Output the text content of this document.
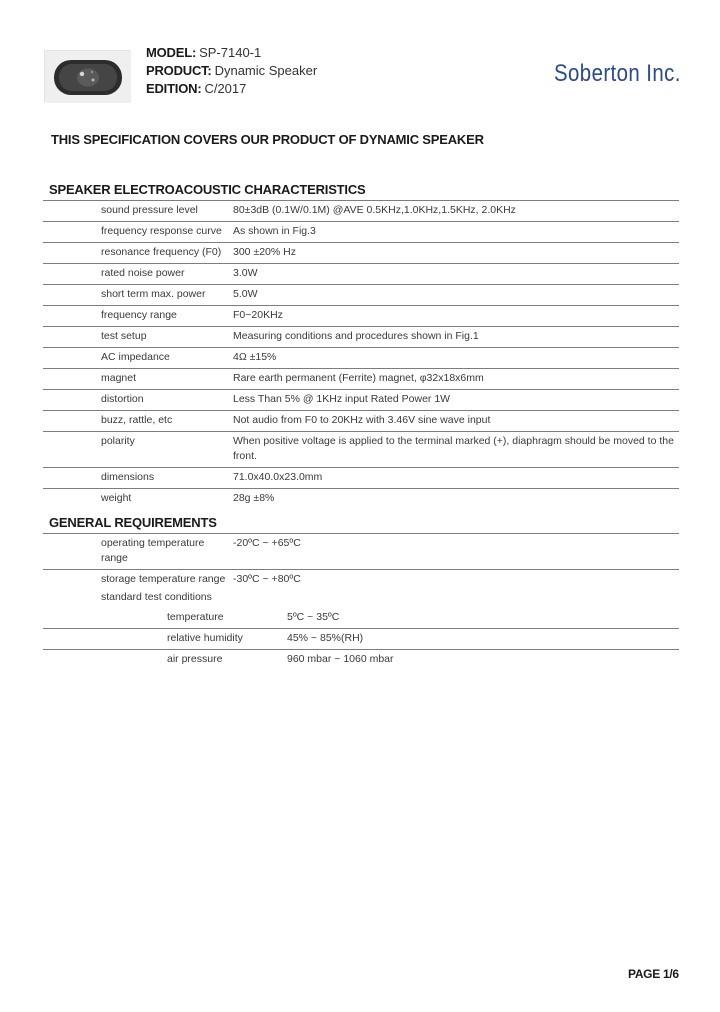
MODEL: SP-7140-1
PRODUCT: Dynamic Speaker
EDITION: C/2017
Soberton Inc.
THIS SPECIFICATION COVERS OUR PRODUCT OF DYNAMIC SPEAKER
SPEAKER ELECTROACOUSTIC CHARACTERISTICS
sound pressure level	80±3dB (0.1W/0.1M) @AVE 0.5KHz,1.0KHz,1.5KHz, 2.0KHz
frequency response curve	As shown in Fig.3
resonance frequency (F0)	300 ±20% Hz
rated noise power	3.0W
short term max. power	5.0W
frequency range	F0~20KHz
test setup	Measuring conditions and procedures shown in Fig.1
AC impedance	4Ω ±15%
magnet	Rare earth permanent (Ferrite) magnet, φ32x18x6mm
distortion	Less Than 5% @ 1KHz input Rated Power 1W
buzz, rattle, etc	Not audio from F0 to 20KHz with 3.46V sine wave input
polarity	When positive voltage is applied to the terminal marked (+), diaphragm should be moved to the front.
dimensions	71.0x40.0x23.0mm
weight	28g ±8%
GENERAL REQUIREMENTS
operating temperature range	-20ºC ~ +65ºC
storage temperature range	-30ºC ~ +80ºC
standard test conditions
temperature	5ºC ~ 35ºC
relative humidity	45% ~ 85%(RH)
air pressure	960 mbar ~ 1060 mbar
PAGE 1/6
